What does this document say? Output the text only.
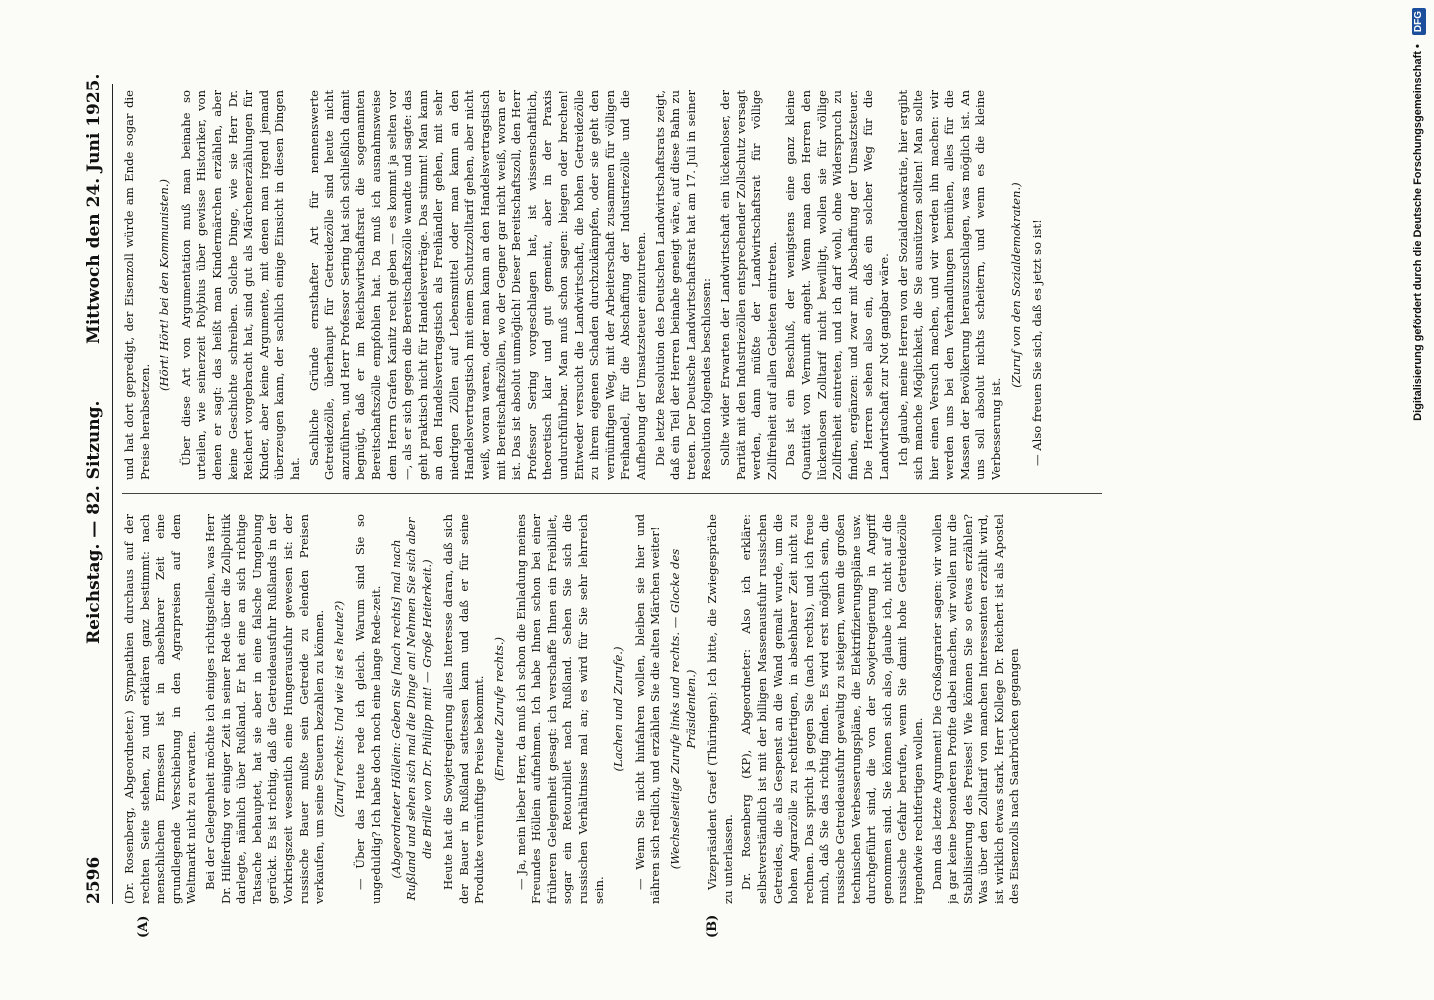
2596
Reichstag. — 82. Sitzung.
Mittwoch den 24. Juni 1925.
(A)	(B)

(Dr. Rosenberg, Abgeordneter.) Sympathien durchaus auf der rechten Seite stehen, zu und erklären ganz bestimmt: nach menschlichem Ermessen ist in absehbarer Zeit eine grundlegende Verschiebung in den Agrarpreisen auf dem Weltmarkt nicht zu erwarten. Bei der Gelegenheit möchte ich einiges richtigstellen, was Herr Dr. Hilferding vor einiger Zeit in seiner Rede über die Zollpolitik darlegte, nämlich über Rußland. Er hat eine an sich richtige Tatsache behauptet, hat sie aber in eine falsche Umgebung gerückt. Es ist richtig, daß die Getreideausfuhr Rußlands in der Vorkriegszeit wesentlich eine Hungerausfuhr gewesen ist: der russische Bauer mußte sein Getreide zu elenden Preisen verkaufen, um seine Steuern bezahlen zu können. (Zuruf rechts: Und wie ist es heute?) — Über das Heute rede ich gleich. Warum sind Sie so ungeduldig? Ich habe doch noch eine lange Rede-zeit. (Abgeordneter Höllein: Geben Sie [nach rechts] mal nach Rußland und sehen sich mal die Dinge an! Nehmen Sie sich aber die Brille von Dr. Philipp mit! — Große Heiterkeit.) Heute hat die Sowjetregierung alles Interesse daran, daß sich der Bauer in Rußland sattessen kann und daß er für seine Produkte vernünftige Preise bekommt. (Erneute Zurufe rechts.) — Ja, mein lieber Herr, da muß ich schon die Einladung meines Freundes Höllein aufnehmen. Ich habe Ihnen schon bei einer früheren Gelegenheit gesagt: ich verschaffe Ihnen ein Freibillet, sogar ein Retourbillet nach Rußland. Sehen Sie sich die russischen Verhältnisse mal an; es wird für Sie sehr lehrreich sein.

(Lachen und Zurufe.) — Wenn Sie nicht hinfahren wollen, bleiben sie hier und nähren sich redlich, und erzählen Sie die alten Märchen weiter! (Wechselseitige Zurufe links und rechts. — Glocke des Präsidenten.) Vizepräsident Graef (Thüringen): Ich bitte, die Zwiegespräche zu unterlassen. Dr. Rosenberg (KP), Abgeordneter: Also ich erkläre: selbstverständlich ist mit der billigen Massenausfuhr russischen Getreides, die als Gespenst an die Wand gemalt wurde, um die hohen Agrarzölle zu rechtfertigen, in absehbarer Zeit nicht zu rechnen. Das spricht ja gegen Sie (nach rechts), und ich freue mich, daß Sie das richtig finden. Es wird erst möglich sein, die russische Getreideausfuhr gewaltig zu steigern, wenn die großen technischen Verbesserungspläne, die Elektrifizierungspläne usw. durchgeführt sind, die von der Sowjetregierung in Angriff genommen sind. Sie können sich also, glaube ich, nicht auf die russische Gefahr berufen, wenn Sie damit hohe Getreidezölle irgendwie rechtfertigen wollen. Dann das letzte Argument! Die Großagrarier sagen: wir wollen ja gar keine besonderen Profite dabei machen, wir wollen nur die Stabilisierung des Preises! Wie können Sie so etwas erzählen? Was über den Zolltarif von manchen Interessenten erzählt wird, ist wirklich etwas stark. Herr Kollege Dr. Reichert ist als Apostel des Eisenzolls nach Saarbrücken gegangen

und hat dort gepredigt, der Eisenzoll würde am Ende sogar die Preise herabsetzen.

(Hört! Hört! bei den Kommunisten.) Über diese Art von Argumentation muß man beinahe so urteilen, wie seinerzeit Polybius über gewisse Historiker, von denen er sagt: das heißt man Kindermärchen erzählen, aber keine Geschichte schreiben. Solche Dinge, wie sie Herr Dr. Reichert vorgebracht hat, sind gut als Märchenerzählungen für Kinder, aber keine Argumente, mit denen man irgend jemand überzeugen kann, der sachlich einige Einsicht in diesen Dingen hat.

Sachliche Gründe ernsthafter Art für nennenswerte Getreidezölle, überhaupt für Getreidezölle sind heute nicht anzuführen, und Herr Professor Sering hat sich schließlich damit begnügt, daß er im Reichswirtschaftsrat die sogenannten Bereitschaftszölle empfohlen hat. Da muß ich ausnahmsweise dem Herrn Grafen Kanitz recht geben — es kommt ja selten vor —, als er sich gegen die Bereitschaftszölle wandte und sagte: das geht praktisch nicht für Handelsverträge. Das stimmt! Man kann an den Handelsvertragstisch als Freihändler gehen, mit sehr niedrigen Zöllen auf Lebensmittel oder man kann an den Handelsvertragstisch mit einem Schutzzolltarif gehen, aber nicht weiß, woran waren, oder man kann an den Handelsvertragstisch mit Bereitschaftszöllen, wo der Gegner gar nicht weiß, woran er ist. Das ist absolut unmöglich! Dieser Bereitschaftszoll, den Herr Professor Sering vorgeschlagen hat, ist wissenschaftlich, theoretisch klar und gut gemeint, aber in der Praxis undurchführbar. Man muß schon sagen: biegen oder brechen! Entweder versucht die Landwirtschaft, die hohen Getreidezölle zu ihrem eigenen Schaden durchzukämpfen, oder sie geht den vernünftigen Weg, mit der Arbeiterschaft zusammen für völligen Freihandel, für die Abschaffung der Industriezölle und die Aufhebung der Umsatzsteuer einzutreten. Die letzte Resolution des Deutschen Landwirtschaftsrats zeigt, daß ein Teil der Herren beinahe geneigt wäre, auf diese Bahn zu treten. Der Deutsche Landwirtschaftsrat hat am 17. Juli in seiner Resolution folgendes beschlossen: Sollte wider Erwarten der Landwirtschaft ein lückenloser, der Parität mit den Industriezöllen entsprechender Zollschutz versagt werden, dann müßte der Landwirtschaftsrat für völlige Zollfreiheit auf allen Gebieten eintreten. Das ist ein Beschluß, der wenigstens eine ganz kleine Quantität von Vernunft angeht. Wenn man den Herren den lückenlosen Zolltarif nicht bewilligt, wollen sie für völlige Zollfreiheit eintreten, und ich darf wohl, ohne Widerspruch zu finden, ergänzen: und zwar mit Abschaffung der Umsatzsteuer. Die Herren sehen also ein, daß ein solcher Weg für die Landwirtschaft zur Not gangbar wäre. Ich glaube, meine Herren von der Sozialdemokratie, hier ergibt sich manche Möglichkeit, die Sie ausnützen sollten! Man sollte hier einen Versuch machen, und wir werden ihn machen: wir werden uns bei den Verhandlungen bemühen, alles für die Massen der Bevölkerung herauszuschlagen, was möglich ist. An uns soll absolut nichts scheitern, und wenn es die kleine Verbesserung ist.

(Zuruf von den Sozialdemokraten.) — Also freuen Sie sich, daß es jetzt so ist!	Digitalisierung gefördert durch die Deutsche Forschungsgemeinschaft • DFG
